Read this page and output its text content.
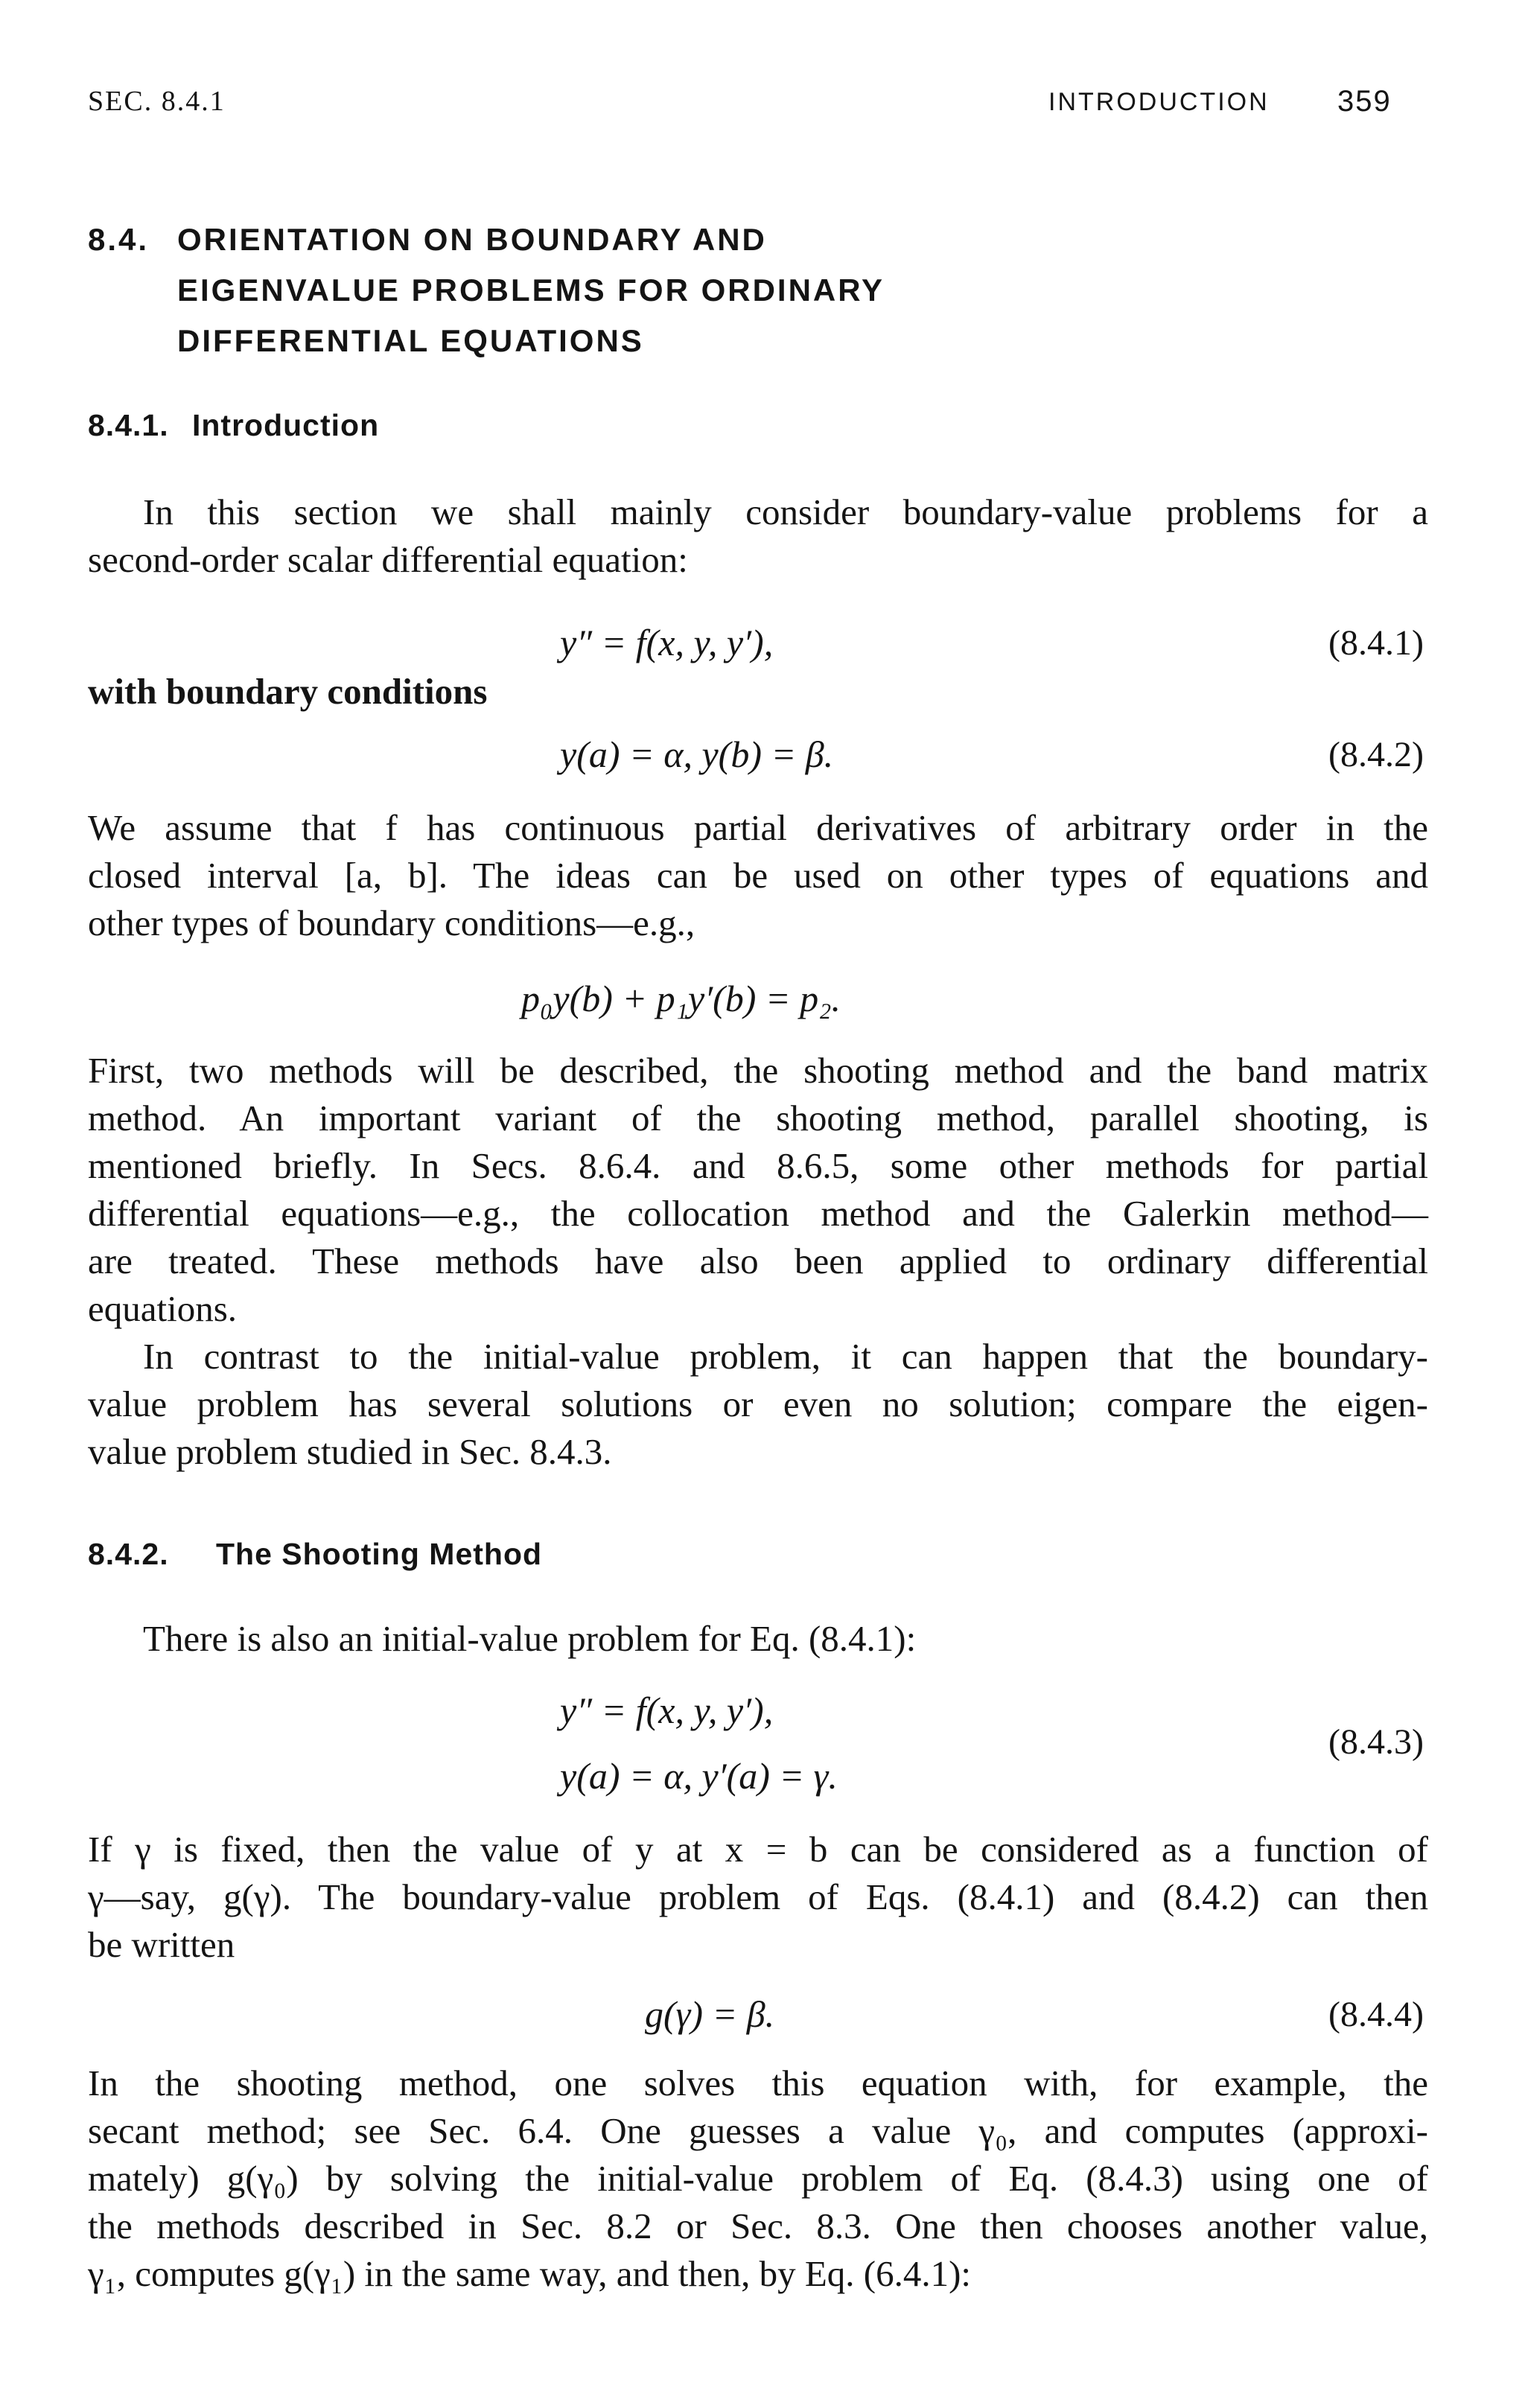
SEC. 8.4.1	INTRODUCTION 359
8.4. ORIENTATION ON BOUNDARY AND
EIGENVALUE PROBLEMS FOR ORDINARY
DIFFERENTIAL EQUATIONS
8.4.1. Introduction
In this section we shall mainly consider boundary-value problems for a
second-order scalar differential equation:
y″ = f(x, y, y′),	(8.4.1)
with boundary conditions
y(a) = α, y(b) = β.	(8.4.2)
We assume that f has continuous partial derivatives of arbitrary order in the
closed interval [a, b]. The ideas can be used on other types of equations and
other types of boundary conditions—e.g.,
p₀y(b) + p₁y′(b) = p₂.
First, two methods will be described, the shooting method and the band matrix
method. An important variant of the shooting method, parallel shooting, is
mentioned briefly. In Secs. 8.6.4. and 8.6.5, some other methods for partial
differential equations—e.g., the collocation method and the Galerkin method—
are treated. These methods have also been applied to ordinary differential
equations.
In contrast to the initial-value problem, it can happen that the boundary-
value problem has several solutions or even no solution; compare the eigen-
value problem studied in Sec. 8.4.3.
8.4.2. The Shooting Method
There is also an initial-value problem for Eq. (8.4.1):
y″ = f(x, y, y′),
y(a) = α, y′(a) = γ.
(8.4.3)
If γ is fixed, then the value of y at x = b can be considered as a function of
γ—say, g(γ). The boundary-value problem of Eqs. (8.4.1) and (8.4.2) can then
be written
g(γ) = β.	(8.4.4)
In the shooting method, one solves this equation with, for example, the
secant method; see Sec. 6.4. One guesses a value γ₀, and computes (approxi-
mately) g(γ₀) by solving the initial-value problem of Eq. (8.4.3) using one of
the methods described in Sec. 8.2 or Sec. 8.3. One then chooses another value,
γ₁, computes g(γ₁) in the same way, and then, by Eq. (6.4.1):
